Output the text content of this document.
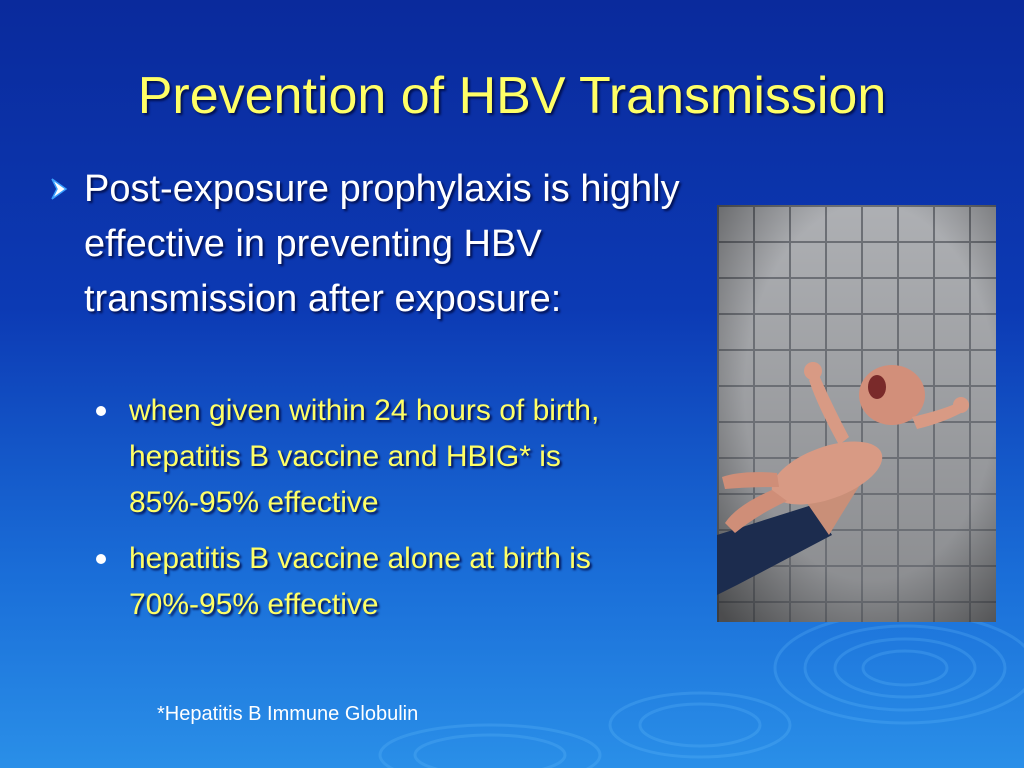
Prevention of HBV Transmission
Post-exposure prophylaxis is highly effective in preventing HBV transmission after exposure:
when given within 24 hours of birth, hepatitis B vaccine and HBIG* is 85%-95% effective
hepatitis B vaccine alone at birth is 70%-95% effective
*Hepatitis B Immune Globulin
